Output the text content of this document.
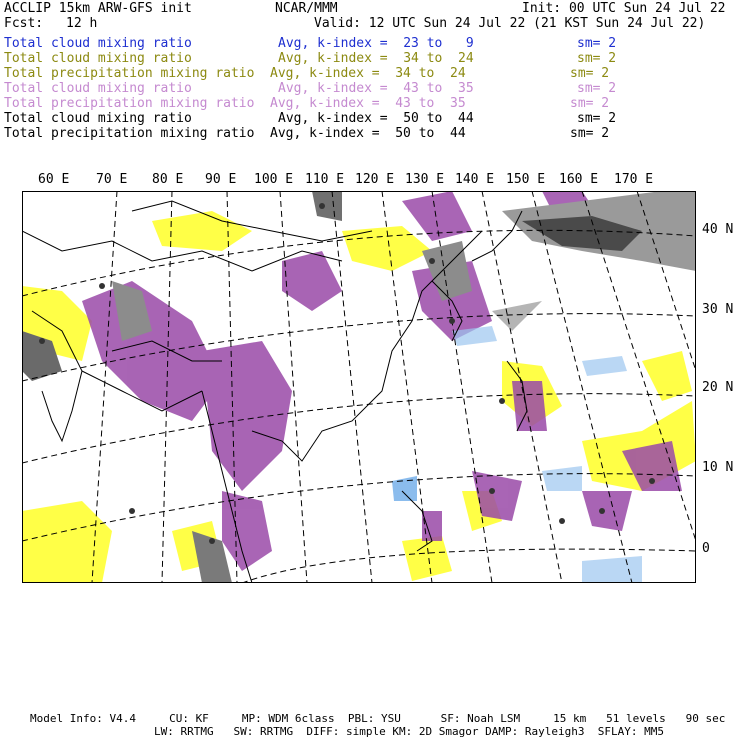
ACCLIP 15km ARW-GFS init	NCAR/MMM	Init: 00 UTC Sun 24 Jul 22
Fcst: 12 h	Valid: 12 UTC Sun 24 Jul 22 (21 KST Sun 24 Jul 22)
Total cloud mixing ratio	Avg, k-index =  23 to   9	sm= 2
Total cloud mixing ratio	Avg, k-index =  34 to  24	sm= 2
Total precipitation mixing ratio Avg, k-index =  34 to  24	sm= 2
Total cloud mixing ratio	Avg, k-index =  43 to  35	sm= 2
Total precipitation mixing ratio Avg, k-index =  43 to  35	sm= 2
Total cloud mixing ratio	Avg, k-index =  50 to  44	sm= 2
Total precipitation mixing ratio Avg, k-index =  50 to  44	sm= 2
60 E 70 E 80 E 90 E 100 E 110 E 120 E 130 E 140 E 150 E 160 E 170 E
40 N
30 N
20 N
10 N
0
Model Info: V4.4     CU: KF     MP: WDM 6class  PBL: YSU      SF: Noah LSM     15 km   51 levels   90 sec
LW: RRTMG   SW: RRTMG  DIFF: simple KM: 2D Smagor DAMP: Rayleigh3  SFLAY: MM5
